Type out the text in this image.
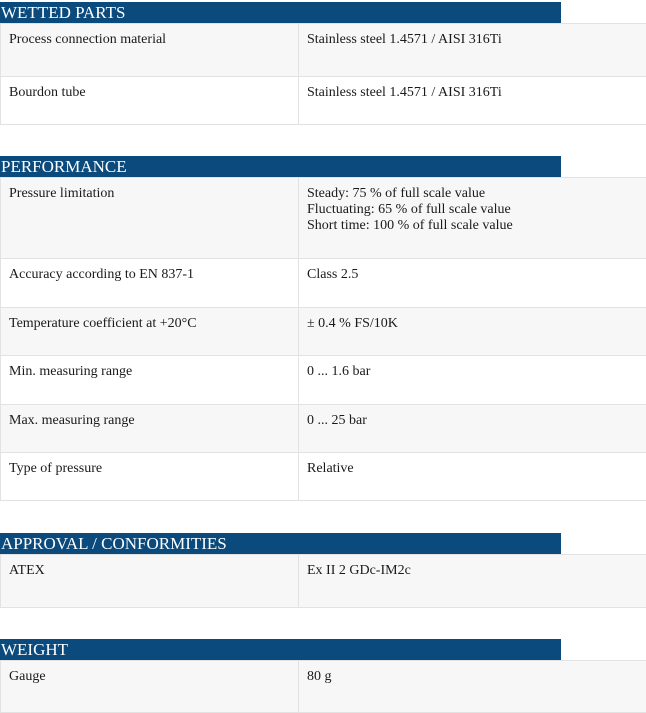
WETTED PARTS
Process connection material	Stainless steel 1.4571 / AISI 316Ti

Bourdon tube	Stainless steel 1.4571 / AISI 316Ti
PERFORMANCE
Pressure limitation	Steady: 75 % of full scale value
Fluctuating: 65 % of full scale value
Short time: 100 % of full scale value

Accuracy according to EN 837-1	Class 2.5

Temperature coefficient at +20°C	± 0.4 % FS/10K

Min. measuring range	0 ... 1.6 bar

Max. measuring range	0 ... 25 bar

Type of pressure	Relative
APPROVAL / CONFORMITIES
ATEX	Ex II 2 GDc-IM2c
WEIGHT
Gauge	80 g
